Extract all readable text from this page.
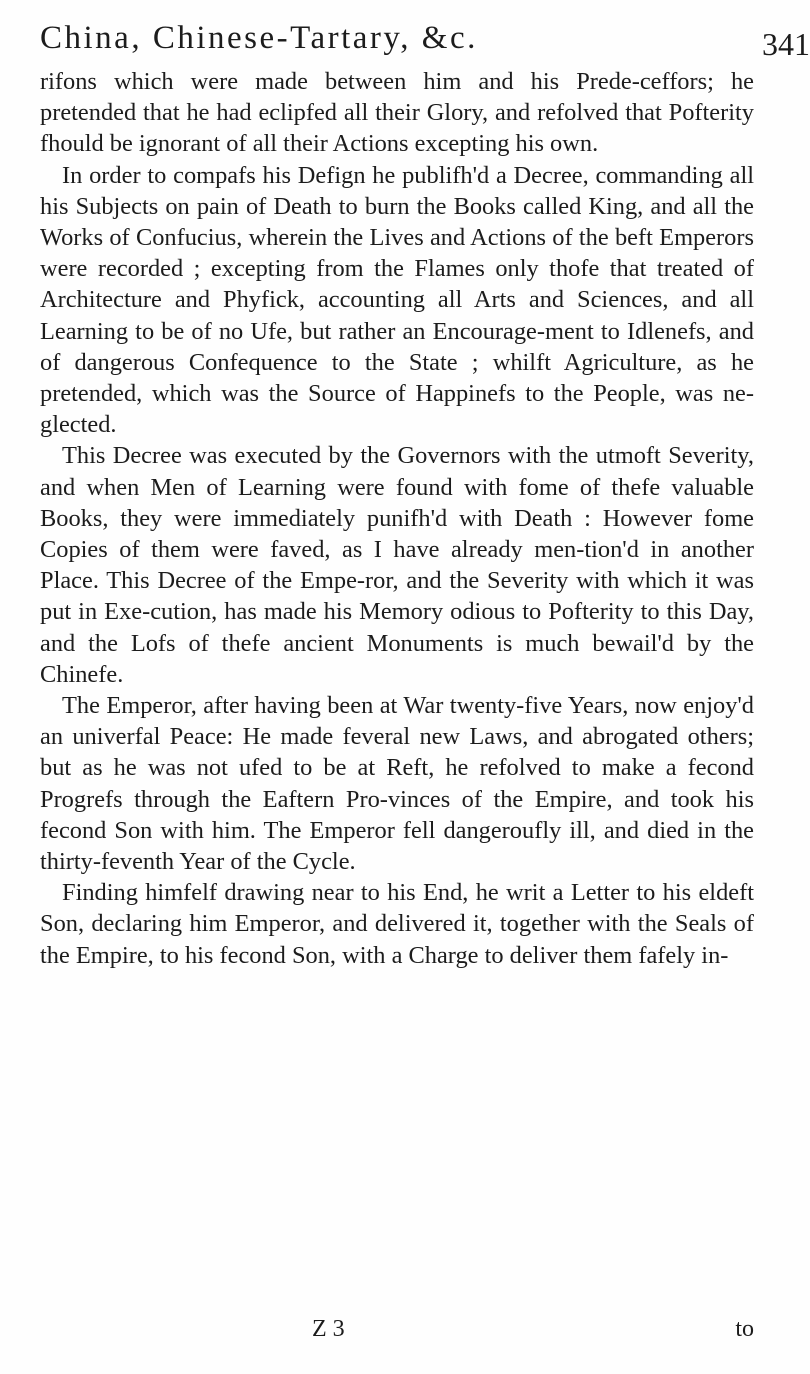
China, Chinese-Tartary, &c.	341

rifons which were made between him and his Prede-ceffors; he pretended that he had eclipfed all their Glory, and refolved that Pofterity fhould be ignorant of all their Actions excepting his own.

In order to compafs his Defign he publifh'd a Decree, commanding all his Subjects on pain of Death to burn the Books called King, and all the Works of Confucius, wherein the Lives and Actions of the beft Emperors were recorded ; excepting from the Flames only thofe that treated of Architecture and Phyfick, accounting all Arts and Sciences, and all Learning to be of no Ufe, but rather an Encourage-ment to Idlenefs, and of dangerous Confequence to the State ; whilft Agriculture, as he pretended, which was the Source of Happinefs to the People, was ne-glected.

This Decree was executed by the Governors with the utmoft Severity, and when Men of Learning were found with fome of thefe valuable Books, they were immediately punifh'd with Death : However fome Copies of them were faved, as I have already men-tion'd in another Place. This Decree of the Empe-ror, and the Severity with which it was put in Exe-cution, has made his Memory odious to Pofterity to this Day, and the Lofs of thefe ancient Monuments is much bewail'd by the Chinefe.

The Emperor, after having been at War twenty-five Years, now enjoy'd an univerfal Peace: He made feveral new Laws, and abrogated others; but as he was not ufed to be at Reft, he refolved to make a fecond Progrefs through the Eaftern Pro-vinces of the Empire, and took his fecond Son with him. The Emperor fell dangeroufly ill, and died in the thirty-feventh Year of the Cycle.

Finding himfelf drawing near to his End, he writ a Letter to his eldeft Son, declaring him Emperor, and delivered it, together with the Seals of the Empire, to his fecond Son, with a Charge to deliver them fafely in-

Z 3	to
